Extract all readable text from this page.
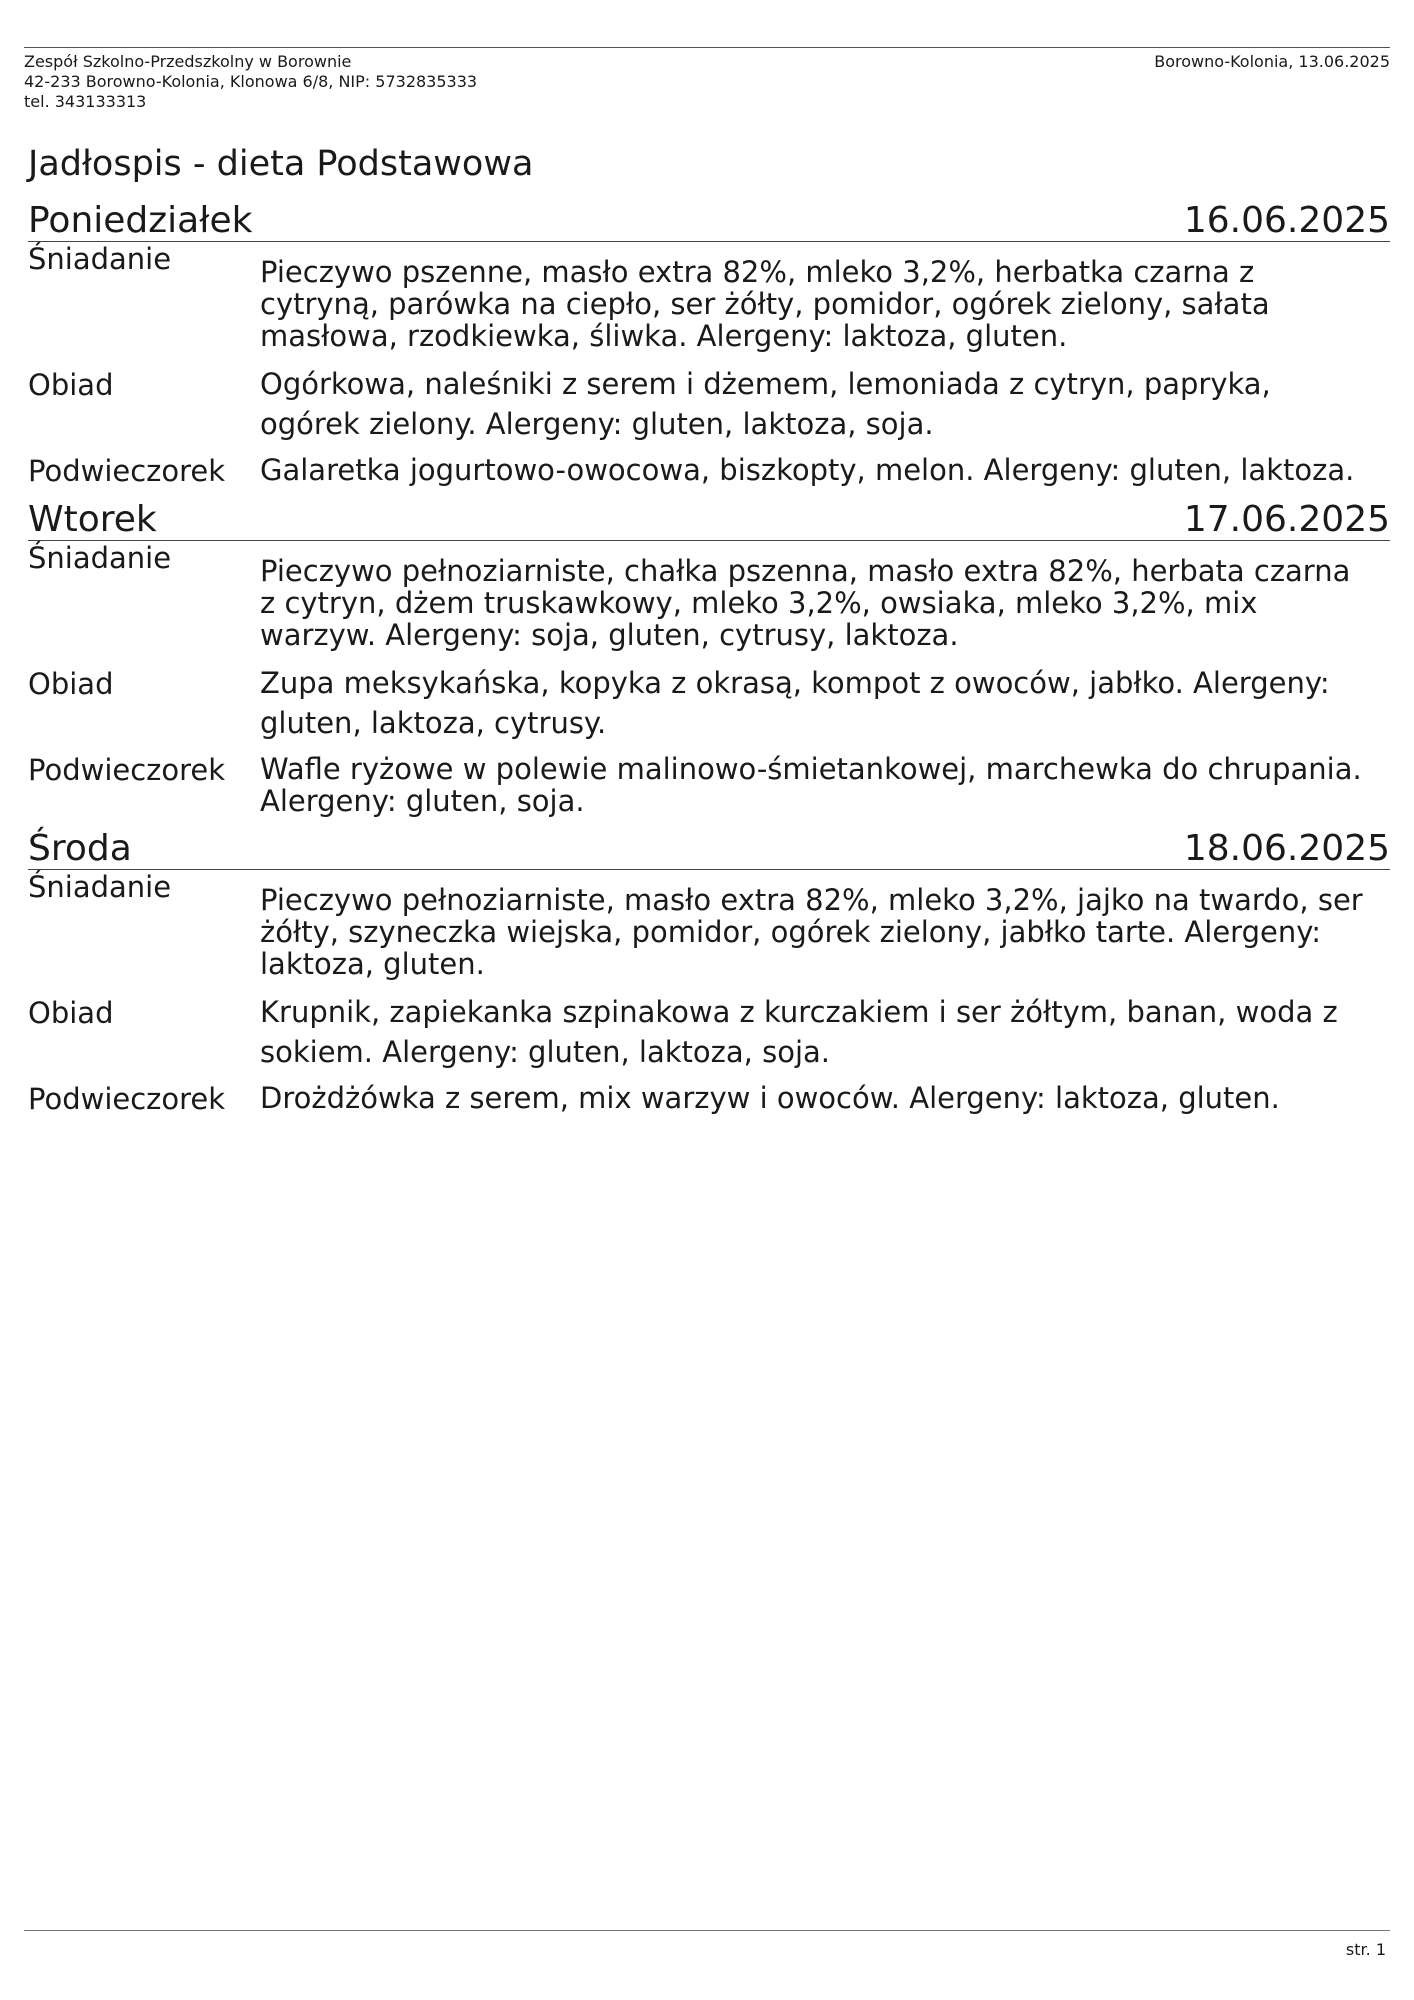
Zespół Szkolno-Przedszkolny w Borownie
42-233 Borowno-Kolonia, Klonowa 6/8, NIP: 5732835333
tel. 343133313
Borowno-Kolonia, 13.06.2025
Jadłospis - dieta Podstawowa
Poniedziałek	16.06.2025
Śniadanie	Pieczywo pszenne, masło extra 82%, mleko 3,2%, herbatka czarna z cytryną, parówka na ciepło, ser żółty, pomidor, ogórek zielony, sałata masłowa, rzodkiewka, śliwka. Alergeny: laktoza, gluten.
Obiad	Ogórkowa, naleśniki z serem i dżemem, lemoniada z cytryn, papryka, ogórek zielony. Alergeny: gluten, laktoza, soja.
Podwieczorek	Galaretka jogurtowo-owocowa, biszkopty, melon. Alergeny: gluten, laktoza.
Wtorek	17.06.2025
Śniadanie	Pieczywo pełnoziarniste, chałka pszenna, masło extra 82%, herbata czarna z cytryn, dżem truskawkowy, mleko 3,2%, owsiaka, mleko 3,2%, mix warzyw. Alergeny: soja, gluten, cytrusy, laktoza.
Obiad	Zupa meksykańska, kopyka z okrasą, kompot z owoców, jabłko. Alergeny: gluten, laktoza, cytrusy.
Podwieczorek	Wafle ryżowe w polewie malinowo-śmietankowej, marchewka do chrupania. Alergeny: gluten, soja.
Środa	18.06.2025
Śniadanie	Pieczywo pełnoziarniste, masło extra 82%, mleko 3,2%, jajko na twardo, ser żółty, szyneczka wiejska, pomidor, ogórek zielony, jabłko tarte. Alergeny: laktoza, gluten.
Obiad	Krupnik, zapiekanka szpinakowa z kurczakiem i ser żółtym, banan, woda z sokiem. Alergeny: gluten, laktoza, soja.
Podwieczorek	Drożdżówka z serem, mix warzyw i owoców. Alergeny: laktoza, gluten.
str. 1
